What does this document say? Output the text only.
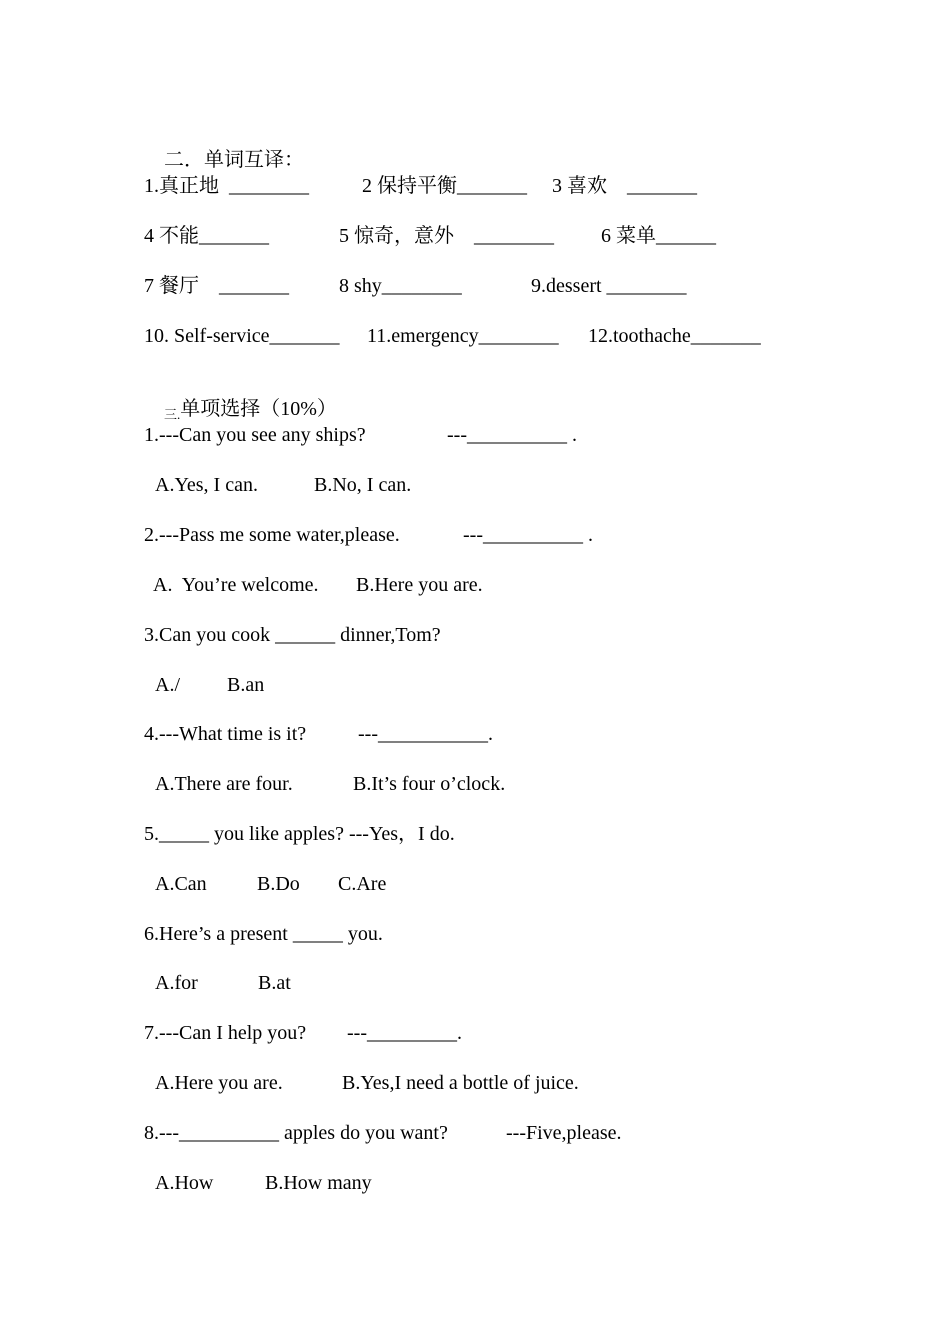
二．单词互译：

1.真正地  ________

	2 保持平衡_______

3 喜欢    _______

4 不能_______

	5 惊奇，意外    ________

6 菜单______

7 餐厅    _______

	8 shy________

	9.dessert ________

10. Self-service_______

11.emergency________

12.toothache_______

$_{三.}$单项选择（10%）

1.---Can you see any ships?

	---__________ .

A.Yes, I can.

	B.No, I can.

2.---Pass me some water,please.

	---__________ .

A.  You’re welcome.

B.Here you are.

3.Can you cook ______ dinner,Tom?

A./

B.an

4.---What time is it?

	---___________.

A.There are four.

	B.It’s four o’clock.

5._____ you like apples? ---Yes，I do.

A.Can

	B.Do

C.Are

6.Here’s a present _____ you.

A.for

	B.at

7.---Can I help you?

---_________.

A.Here you are.

	B.Yes,I need a bottle of juice.

8.---__________ apples do you want?

	---Five,please.

A.How

	B.How many
